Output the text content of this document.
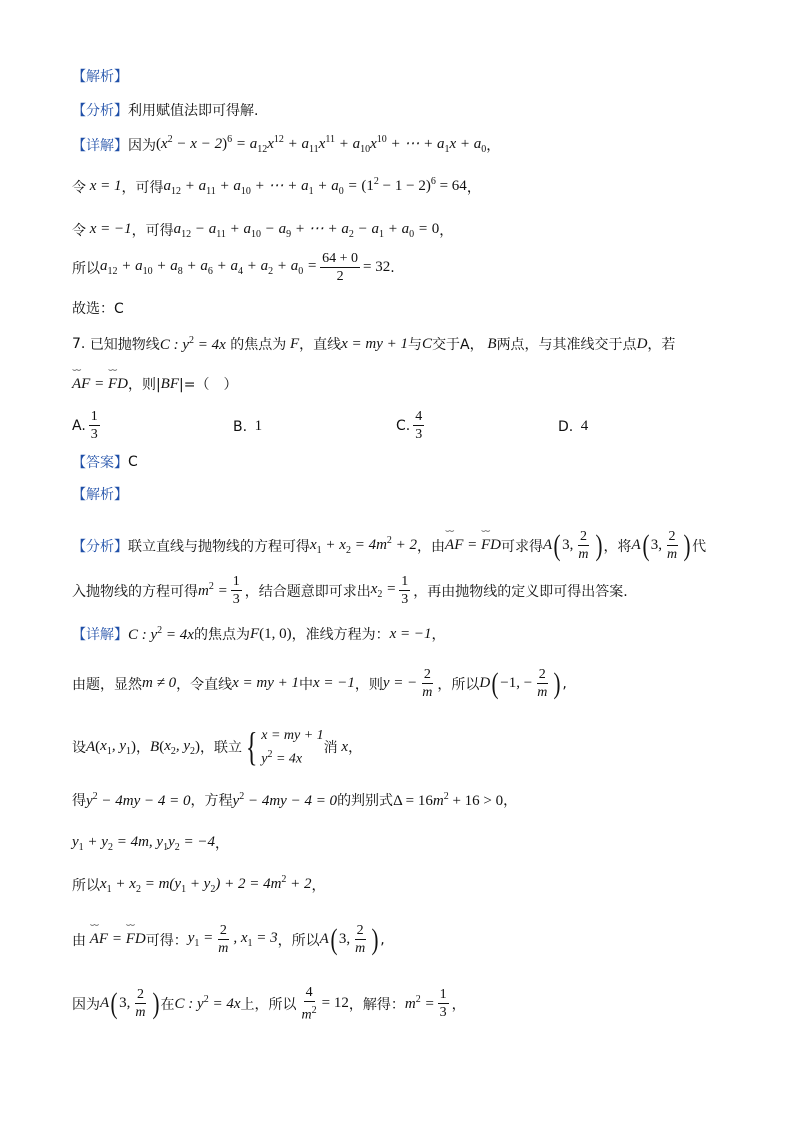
【解析】
【分析】 利用赋值法即可得解.
【详解】 因为 $(x^2 - x - 2)^6 = a_{12}x^{12} + a_{11}x^{11} + a_{10}x^{10}$ + ⋯ + $a_1x + a_0$ ，
令 x = 1 ，可得 $a_{12} + a_{11} + a_{10}$ + ⋯ + $a_1 + a_0 = (1^2 - 1 - 2)^6 = 64$ ，
令 x = −1 ，可得 $a_{12} - a_{11} + a_{10} - a_9$ + ⋯ + $a_2 - a_1 + a_0 = 0$ ，
所以 $a_{12} + a_{10} + a_8 + a_6 + a_4 + a_2 + a_0 = \frac{64 + 0}{2} = 32$ .
故选：C
7.
已知抛物线 C : $y^2 = 4x$
的焦点为 F ，直线 x = my + 1 与 C 交于A， B 两点，与其准线交于点 D ，若
⌣⌣ AF = ⌣⌣ FD ，则| BF |=（　）
A. $\frac{1}{3}$	B.
1	C. $\frac{4}{3}$	D.
4
【答案】 C
【解析】
【分析】 联立直线与抛物线的方程可得 $x_1 + x_2 = 4m^2 + 2$ ，由 ⌣⌣ AF = ⌣⌣ FD 可求得 A ( 3, $\frac{2}{m}$ ) ，将 A ( 3, $\frac{2}{m}$ ) 代
入抛物线的方程可得 $m^2 = \frac{1}{3}$ ，结合题意即可求出 $x_2 = \frac{1}{3}$ ，再由抛物线的定义即可得出答案.
【详解】 C : $y^2 = 4x$ 的焦点为 F (1, 0) ，准线方程为： x = −1 ，
由题，显然 m ≠ 0 ，令直线 x = my + 1 中 x = −1 ，则 y = − $\frac{2}{m}$ ，所以 D ( −1, − $\frac{2}{m}$ ) ,
设 A ( $x_1$, $y_1$ ) ， B ( $x_2$, $y_2$ ) ，联立 { x = my + 1
$y^2 = 4x$
消 x ，
得 $y^2 - 4my - 4 = 0$ ，方程 $y^2 - 4my - 4 = 0$ 的判别式 $\Delta = 16m^2 + 16 > 0$ ，
$y_1 + y_2 = 4m$, $y_1y_2 = -4$ ，
所以 $x_1 + x_2 = m(y_1 + y_2) + 2 = 4m^2 + 2$ ，
由 ⌣⌣ AF = ⌣⌣ FD 可得： $y_1 = \frac{2}{m}$ , $x_1 = 3$ ，所以 A ( 3, $\frac{2}{m}$ ) ,
因为 A ( 3, $\frac{2}{m}$ ) 在 C : $y^2 = 4x$ 上，所以 $\frac{4}{m^2} = 12$ ，解得： $m^2 = \frac{1}{3}$ ，
